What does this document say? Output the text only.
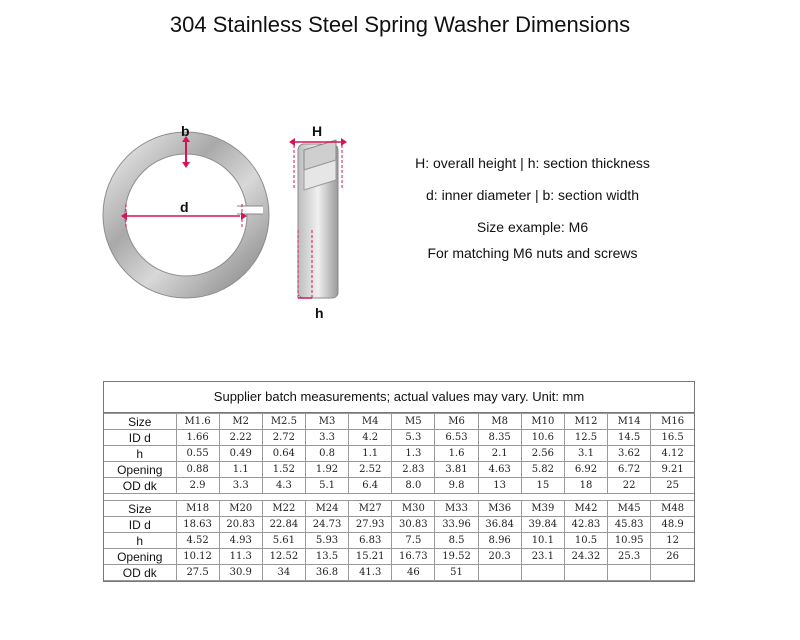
304 Stainless Steel Spring Washer Dimensions
b
d
H
h
H: overall height | h: section thickness
d: inner diameter | b: section width
Size example: M6
For matching M6 nuts and screws
Supplier batch measurements; actual values may vary. Unit: mm
Size	M1.6	M2	M2.5	M3	M4	M5	M6	M8	M10	M12	M14	M16
ID d	1.66	2.22	2.72	3.3	4.2	5.3	6.53	8.35	10.6	12.5	14.5	16.5
h	0.55	0.49	0.64	0.8	1.1	1.3	1.6	2.1	2.56	3.1	3.62	4.12
Opening	0.88	1.1	1.52	1.92	2.52	2.83	3.81	4.63	5.82	6.92	6.72	9.21
OD dk	2.9	3.3	4.3	5.1	6.4	8.0	9.8	13	15	18	22	25

Size	M18	M20	M22	M24	M27	M30	M33	M36	M39	M42	M45	M48
ID d	18.63	20.83	22.84	24.73	27.93	30.83	33.96	36.84	39.84	42.83	45.83	48.9
h	4.52	4.93	5.61	5.93	6.83	7.5	8.5	8.96	10.1	10.5	10.95	12
Opening	10.12	11.3	12.52	13.5	15.21	16.73	19.52	20.3	23.1	24.32	25.3	26
OD dk	27.5	30.9	34	36.8	41.3	46	51					
